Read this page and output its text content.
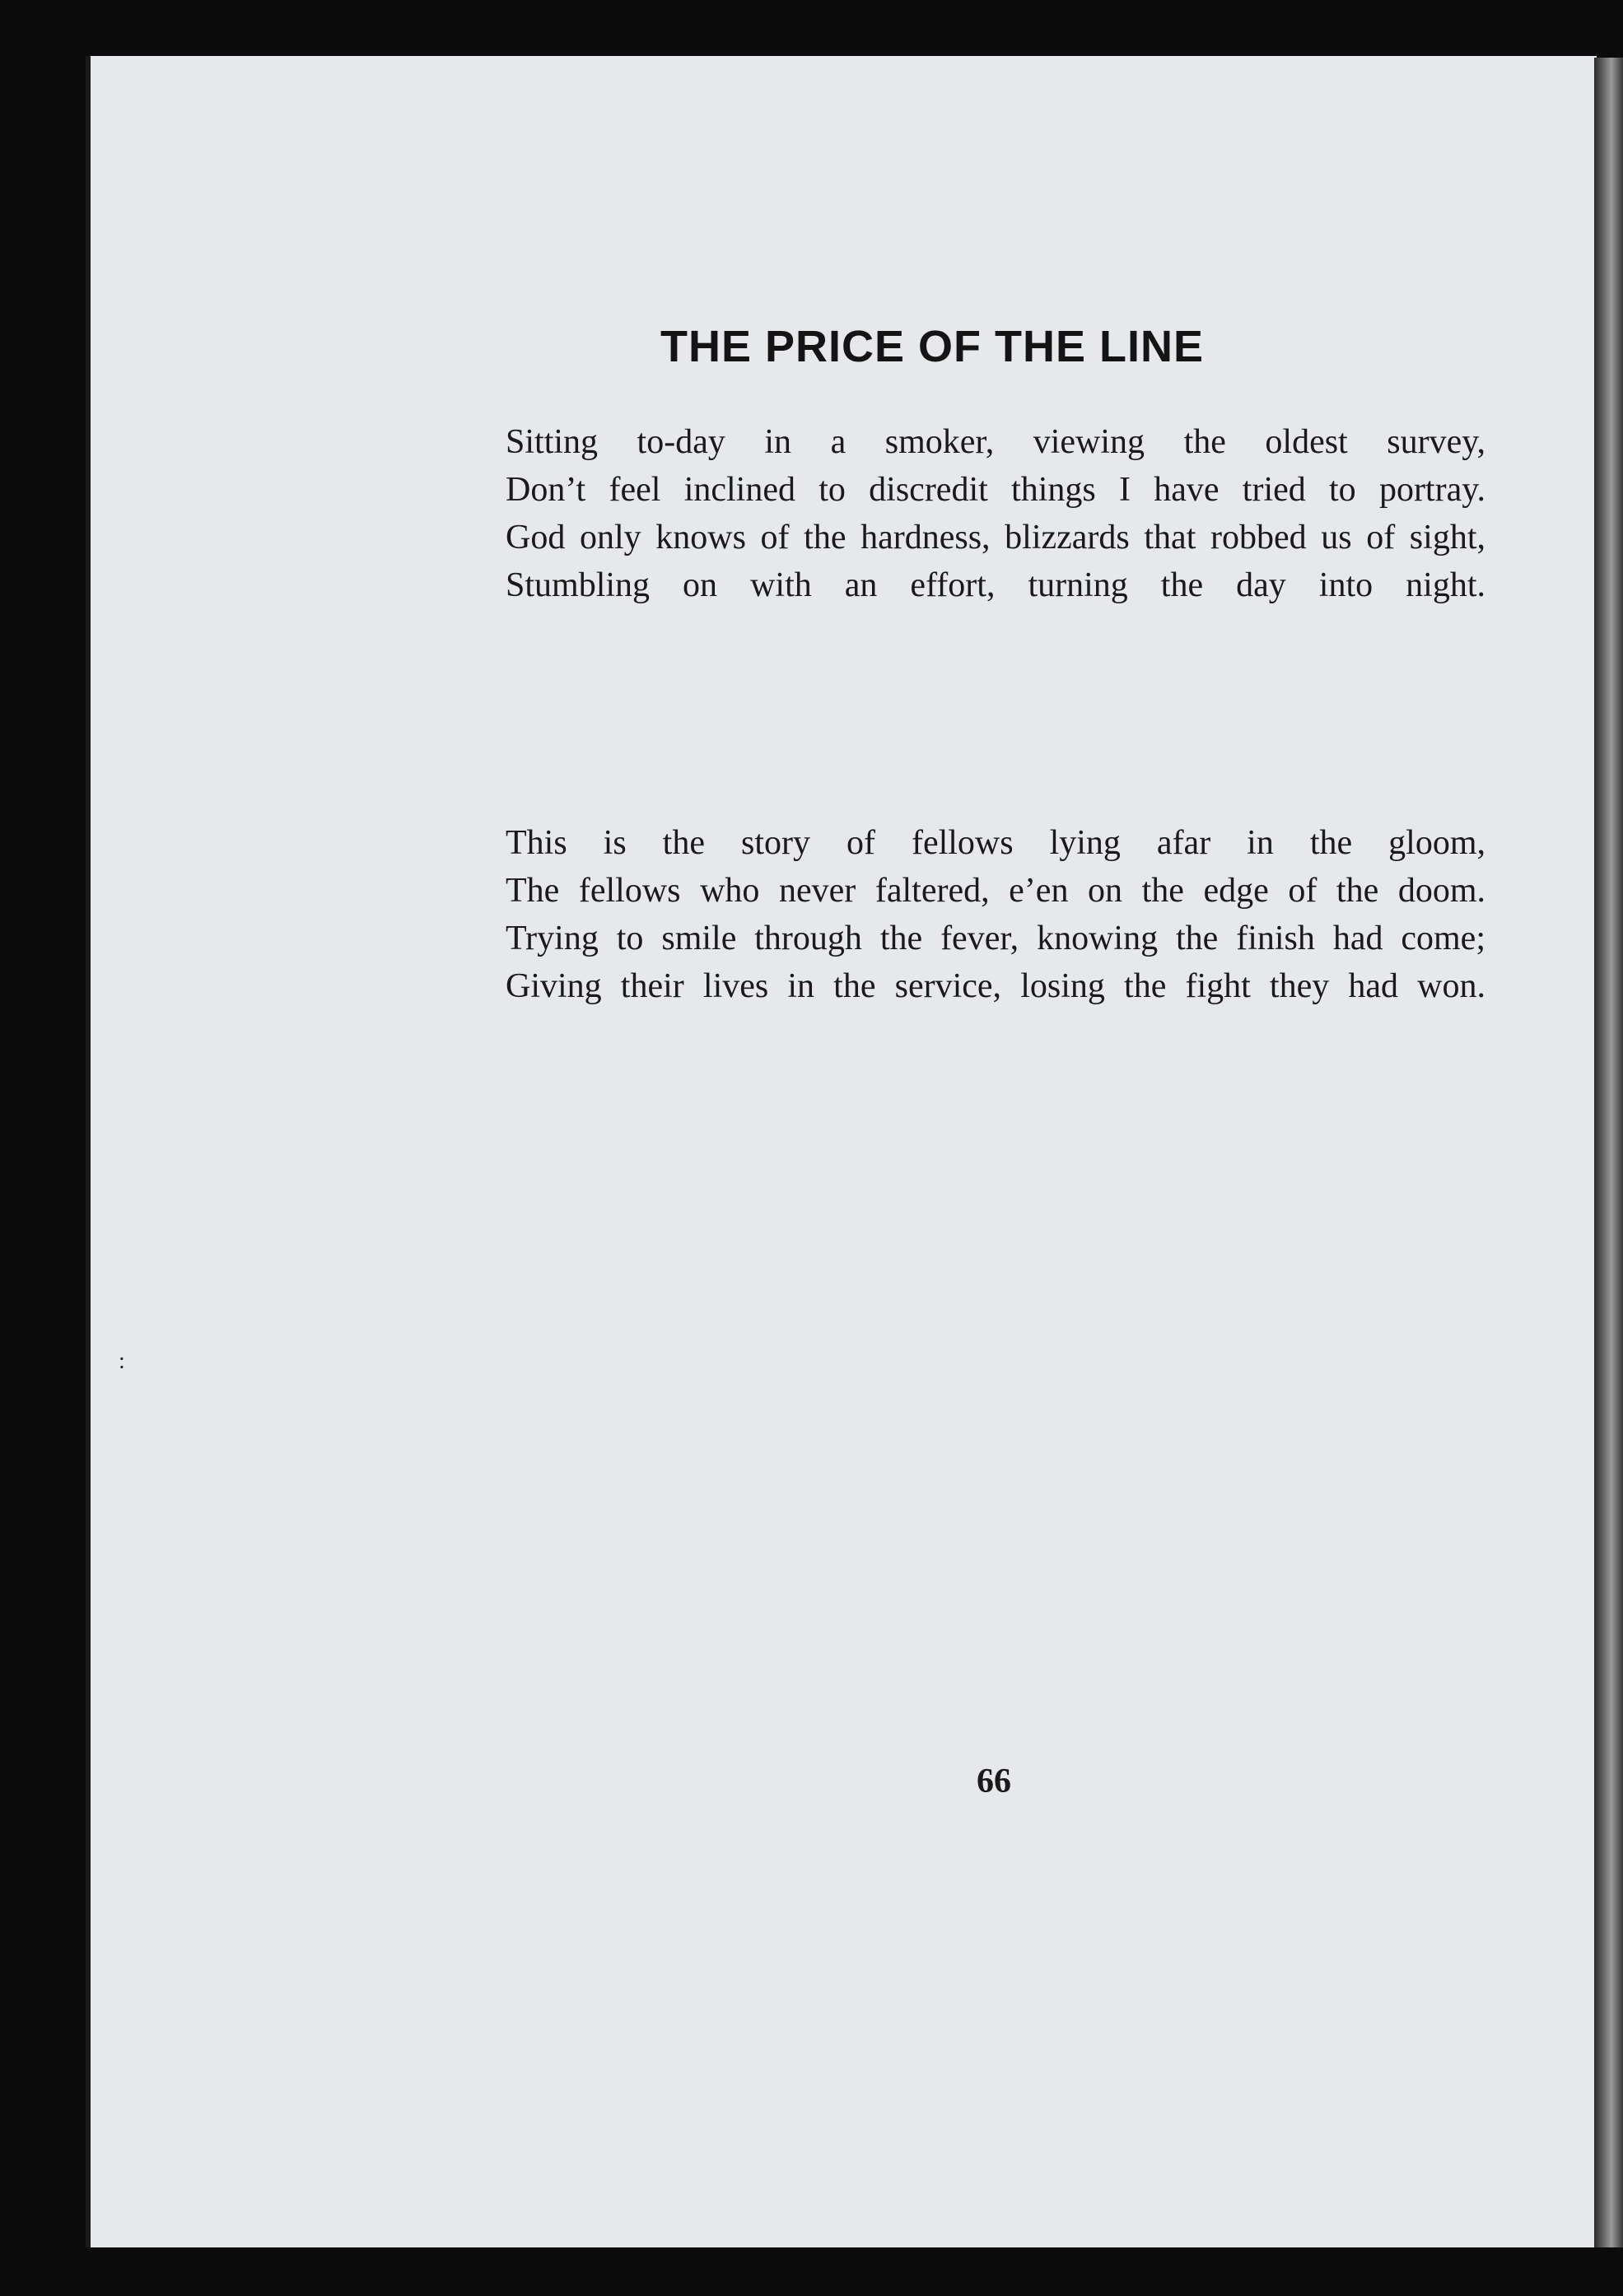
THE PRICE OF THE LINE
Sitting to-day in a smoker, viewing the oldest survey,
Don’t feel inclined to discredit things I have tried to portray.
God only knows of the hardness, blizzards that robbed us of sight,
Stumbling on with an effort, turning the day into night.
This is the story of fellows lying afar in the gloom,
The fellows who never faltered, e’en on the edge of the doom.
Trying to smile through the fever, knowing the finish had come;
Giving their lives in the service, losing the fight they had won.
66
:
